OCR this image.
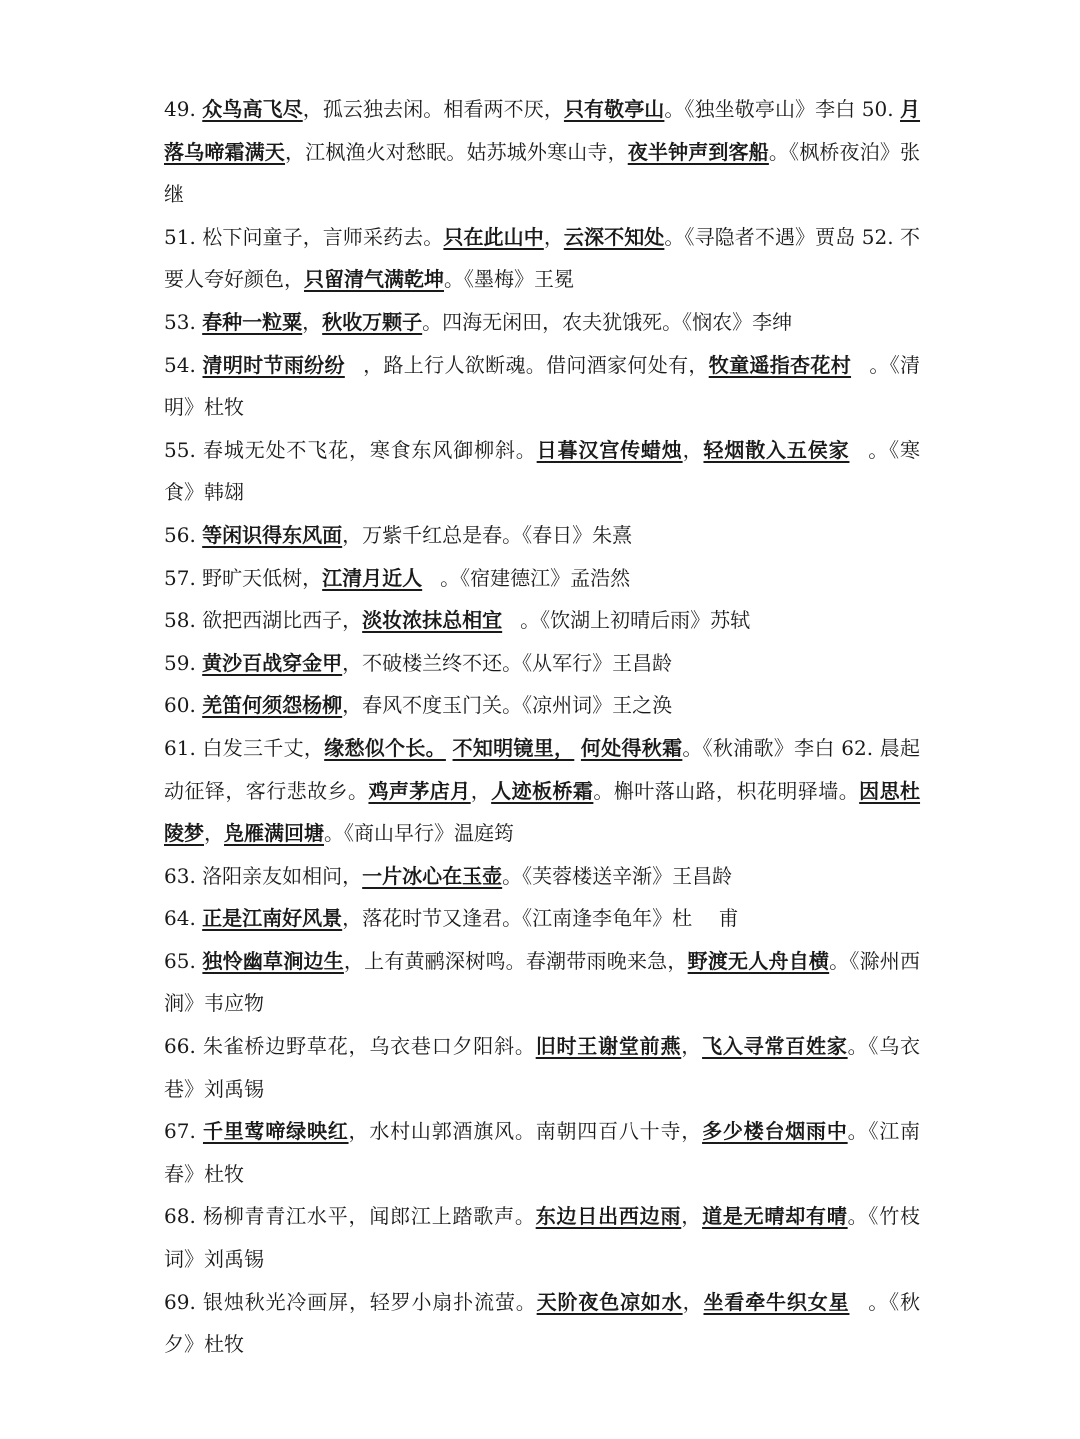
49. 众鸟高飞尽，孤云独去闲。相看两不厌，只有敬亭山。《独坐敬亭山》李白 50. 月落乌啼霜满天，江枫渔火对愁眠。姑苏城外寒山寺，夜半钟声到客船。《枫桥夜泊》张继

51. 松下问童子，言师采药去。只在此山中，云深不知处。《寻隐者不遇》贾岛 52. 不要人夸好颜色，只留清气满乾坤。《墨梅》王冕

53. 春种一粒粟，秋收万颗子。四海无闲田，农夫犹饿死。《悯农》李绅

54. 清明时节雨纷纷 ，路上行人欲断魂。借问酒家何处有，牧童遥指杏花村 。《清明》杜牧

55. 春城无处不飞花，寒食东风御柳斜。日暮汉宫传蜡烛，轻烟散入五侯家 。《寒食》韩翃

56. 等闲识得东风面，万紫千红总是春。《春日》朱熹

57. 野旷天低树，江清月近人 。《宿建德江》孟浩然

58. 欲把西湖比西子，淡妆浓抹总相宜 。《饮湖上初晴后雨》苏轼

59. 黄沙百战穿金甲，不破楼兰终不还。《从军行》王昌龄

60. 羌笛何须怨杨柳，春风不度玉门关。《凉州词》王之涣

61. 白发三千丈，缘愁似个长。 不知明镜里， 何处得秋霜。《秋浦歌》李白 62. 晨起动征铎，客行悲故乡。鸡声茅店月，人迹板桥霜。槲叶落山路，枳花明驿墙。因思杜陵梦，凫雁满回塘。《商山早行》温庭筠

63. 洛阳亲友如相问，一片冰心在玉壶。《芙蓉楼送辛渐》王昌龄

64. 正是江南好风景，落花时节又逢君。《江南逢李龟年》杜　 甫

65. 独怜幽草涧边生，上有黄鹂深树鸣。春潮带雨晚来急，野渡无人舟自横。《滁州西涧》韦应物

66. 朱雀桥边野草花，乌衣巷口夕阳斜。旧时王谢堂前燕，飞入寻常百姓家。《乌衣巷》刘禹锡

67. 千里莺啼绿映红，水村山郭酒旗风。南朝四百八十寺，多少楼台烟雨中。《江南春》杜牧

68. 杨柳青青江水平，闻郎江上踏歌声。东边日出西边雨，道是无晴却有晴。《竹枝词》刘禹锡

69. 银烛秋光冷画屏，轻罗小扇扑流萤。天阶夜色凉如水，坐看牵牛织女星 。《秋夕》杜牧
